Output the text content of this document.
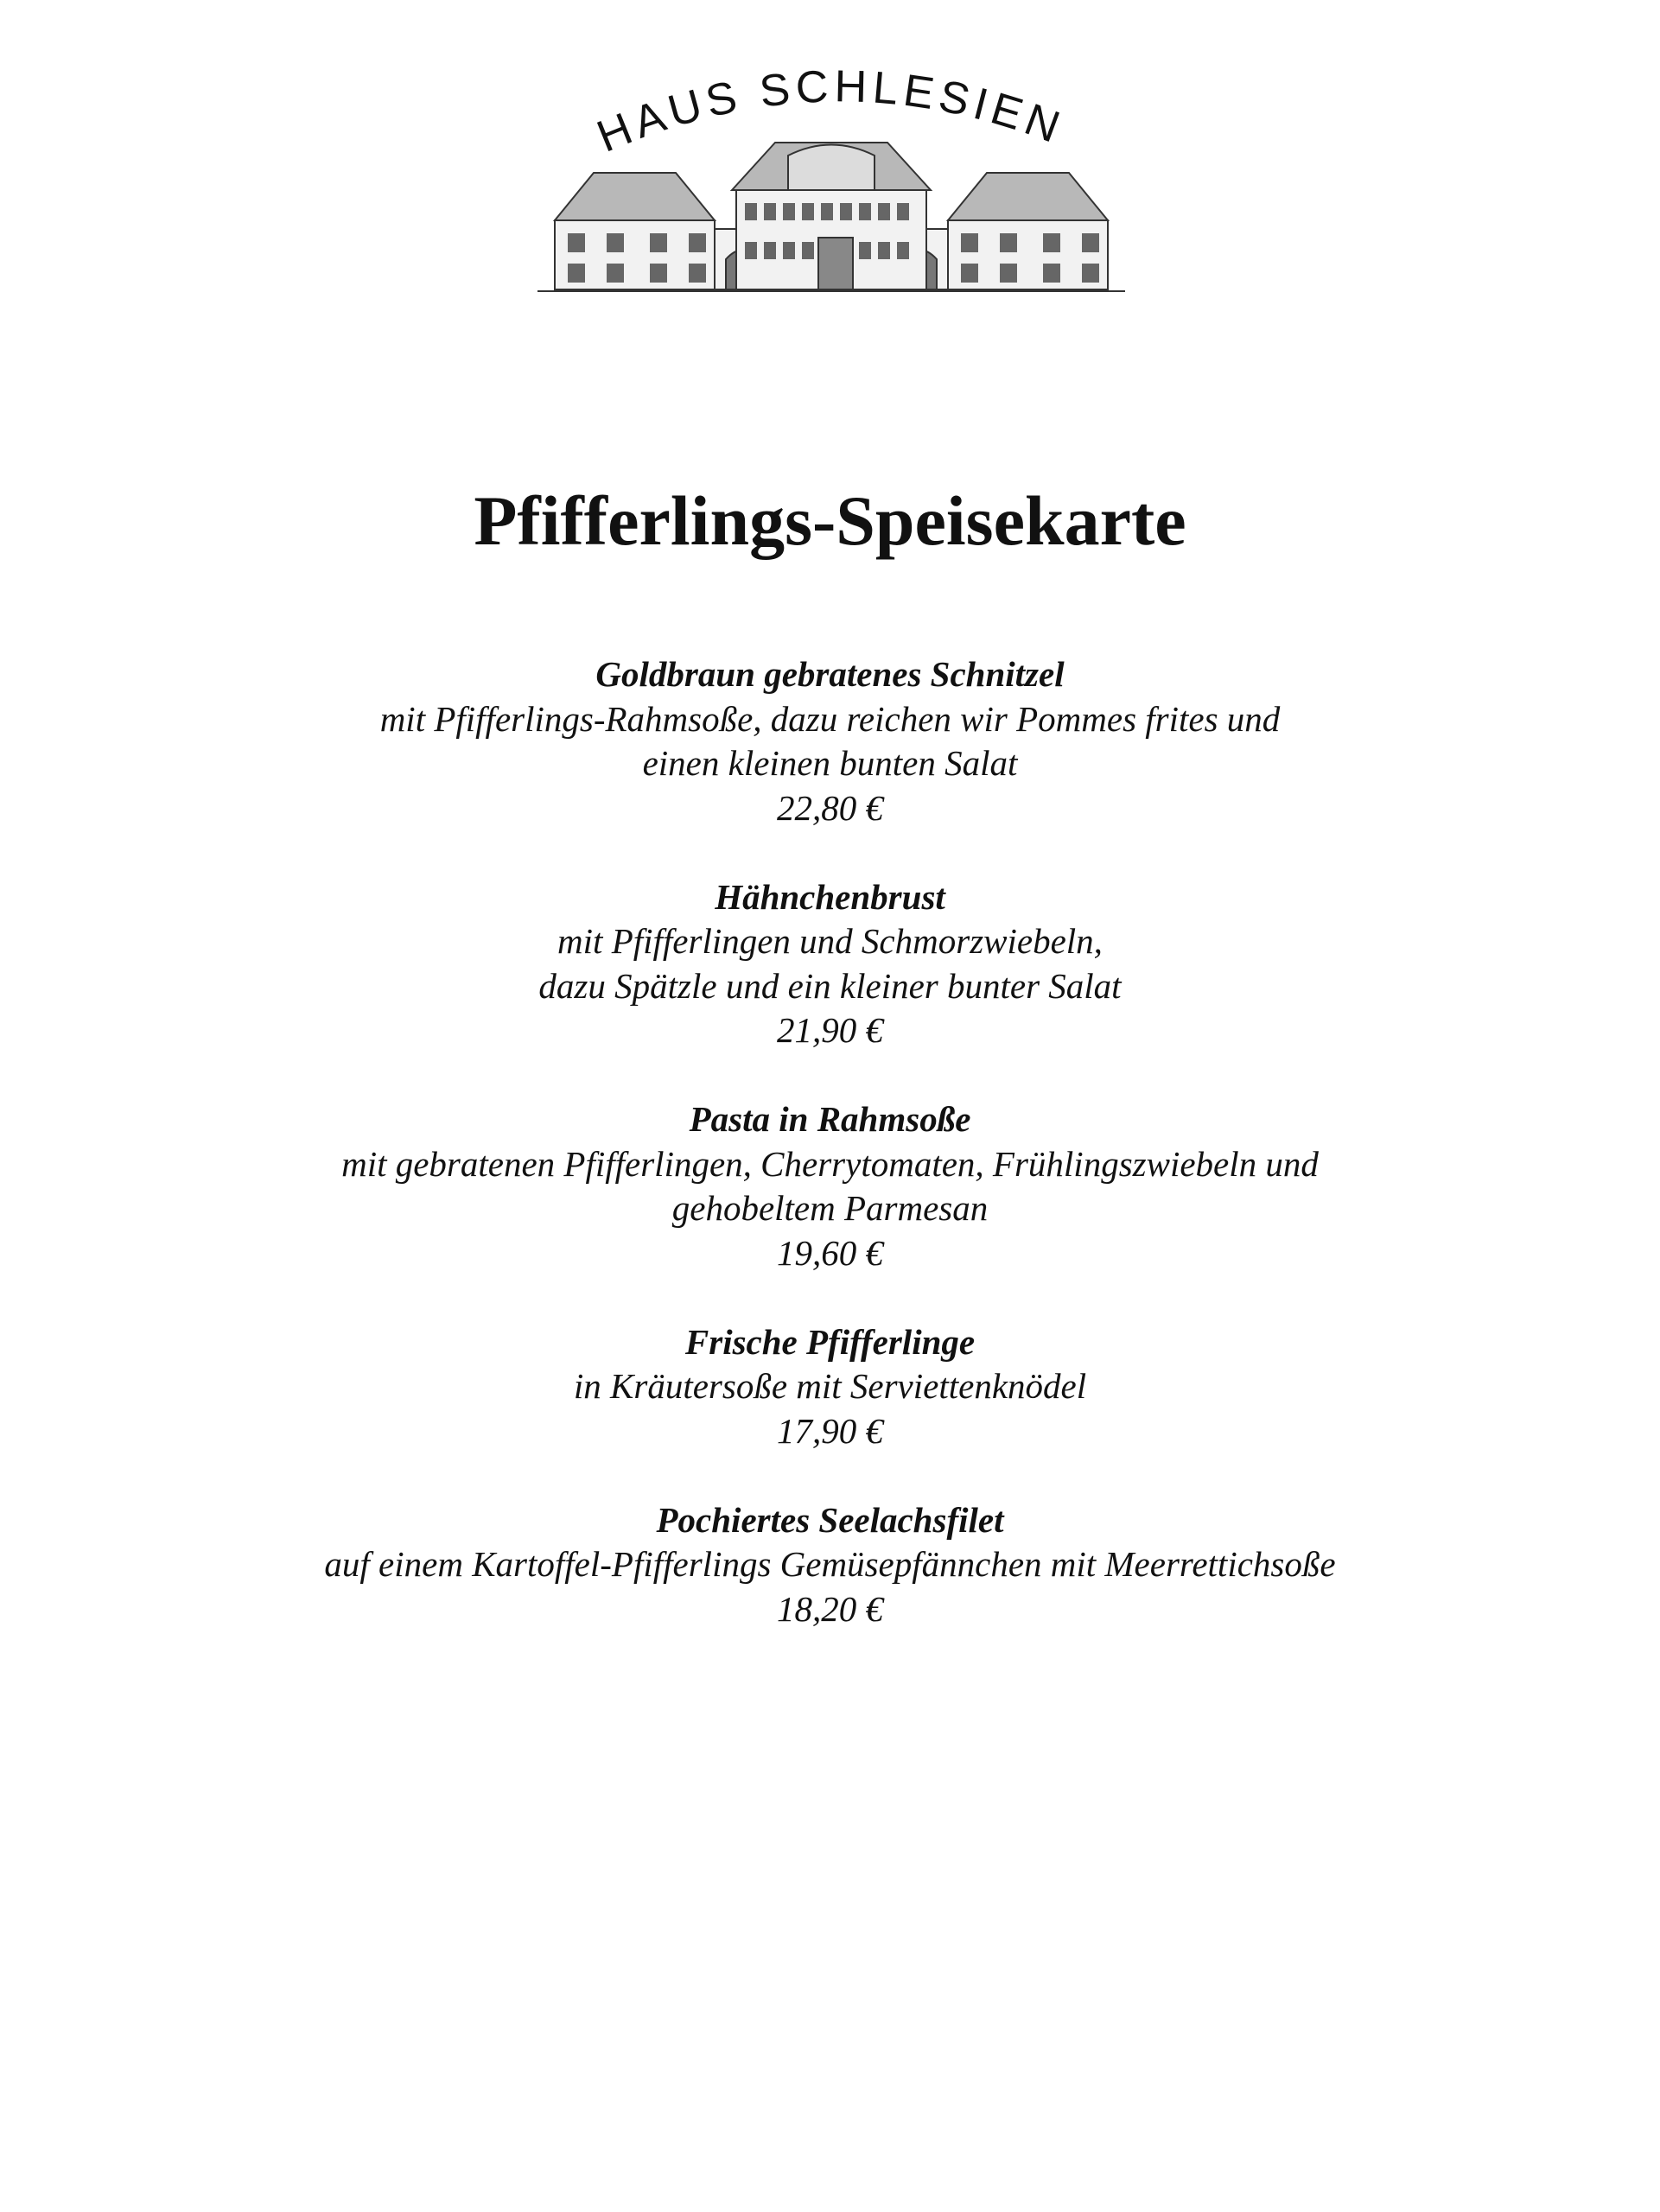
HAUS SCHLESIEN
Pfifferlings-Speisekarte
Goldbraun gebratenes Schnitzel
mit Pfifferlings-Rahmsoße, dazu reichen wir Pommes frites und
einen kleinen bunten Salat
22,80 €
Hähnchenbrust
mit Pfifferlingen und Schmorzwiebeln,
dazu Spätzle und ein kleiner bunter Salat
21,90 €
Pasta in Rahmsoße
mit gebratenen Pfifferlingen, Cherrytomaten, Frühlingszwiebeln und
gehobeltem Parmesan
19,60 €
Frische Pfifferlinge
in Kräutersoße mit Serviettenknödel
17,90 €
Pochiertes Seelachsfilet
auf einem Kartoffel-Pfifferlings Gemüsepfännchen mit Meerrettichsoße
18,20 €
